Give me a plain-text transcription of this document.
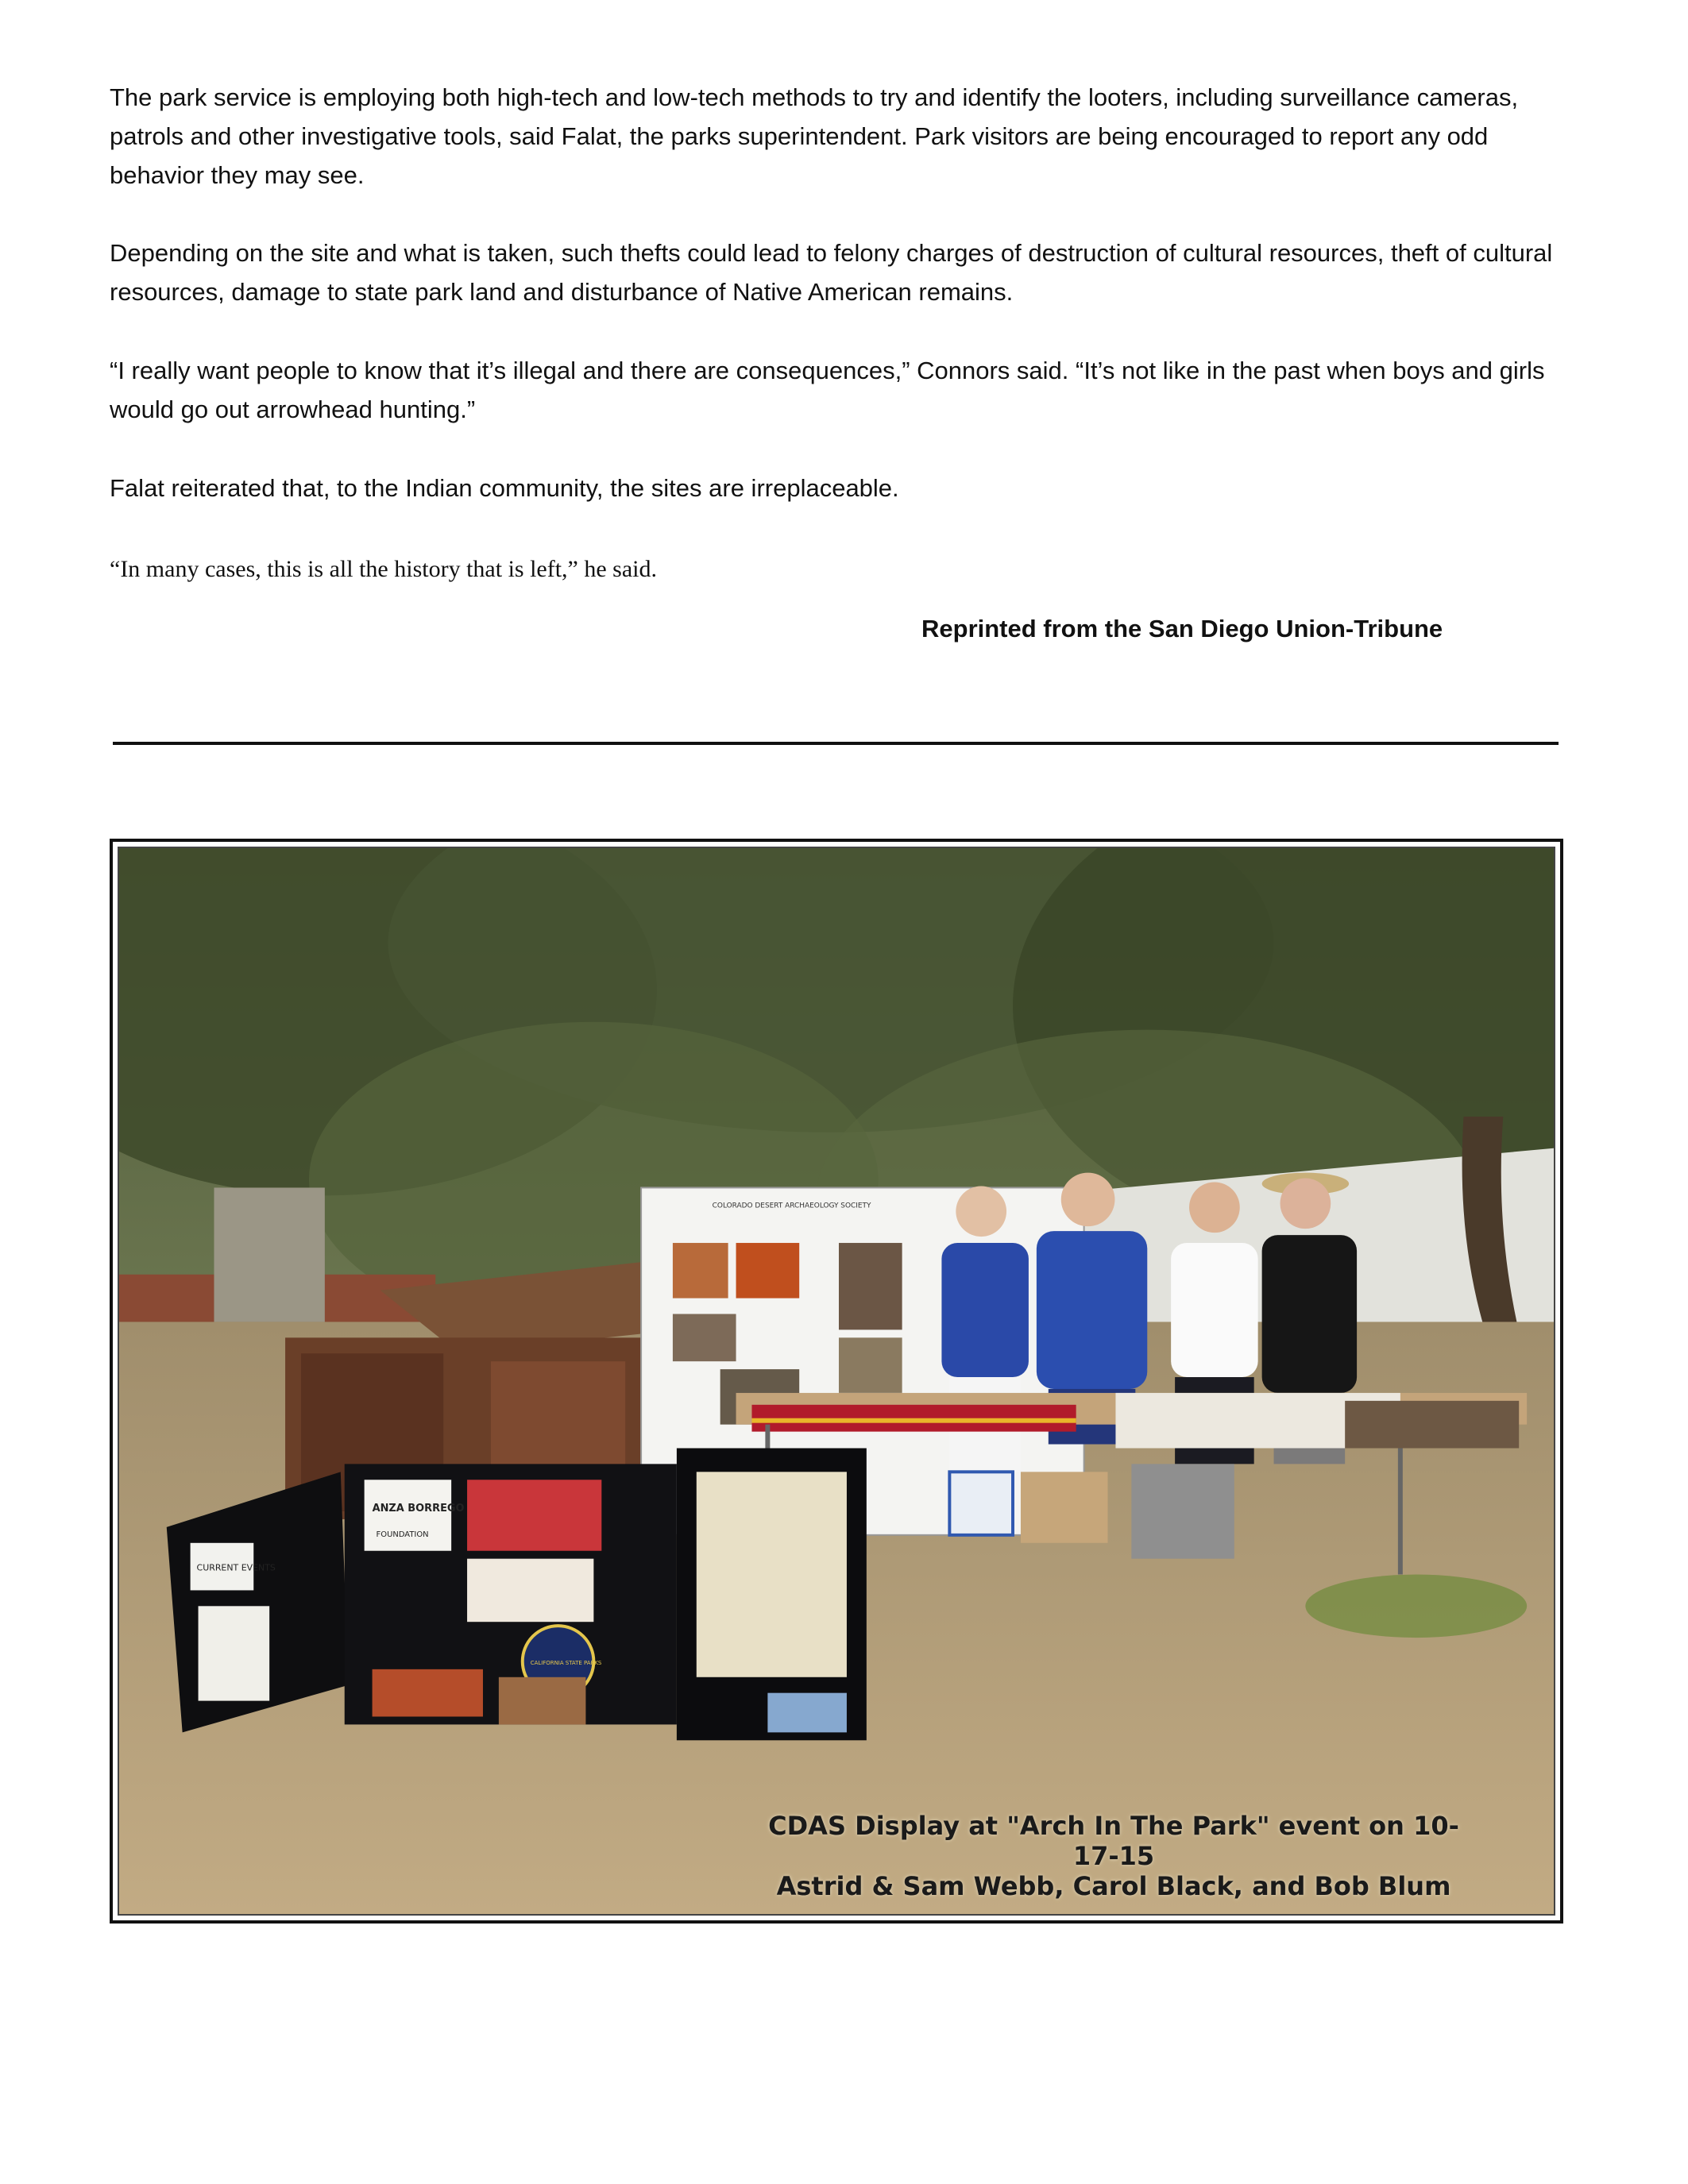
The park service is employing both high-tech and low-tech methods to try and identify the looters, including surveillance cameras, patrols and other investigative tools, said Falat, the parks superintendent. Park visitors are being encouraged to report any odd behavior they may see.

Depending on the site and what is taken, such thefts could lead to felony charges of destruction of cultural resources, theft of cultural resources, damage to state park land and disturbance of Native American remains.

“I really want people to know that it’s illegal and there are consequences,” Connors said. “It’s not like in the past when boys and girls would go out arrowhead hunting.”

Falat reiterated that, to the Indian community, the sites are irreplaceable.

“In many cases, this is all the history that is left,” he said.

Reprinted from the San Diego Union-Tribune
COLORADO DESERT ARCHAEOLOGY SOCIETY
ANZA BORREGO
FOUNDATION
CURRENT EVENTS
CALIFORNIA STATE PARKS
CDAS Display at "Arch In The Park" event on 10-17-15
Astrid & Sam Webb, Carol Black, and Bob Blum
